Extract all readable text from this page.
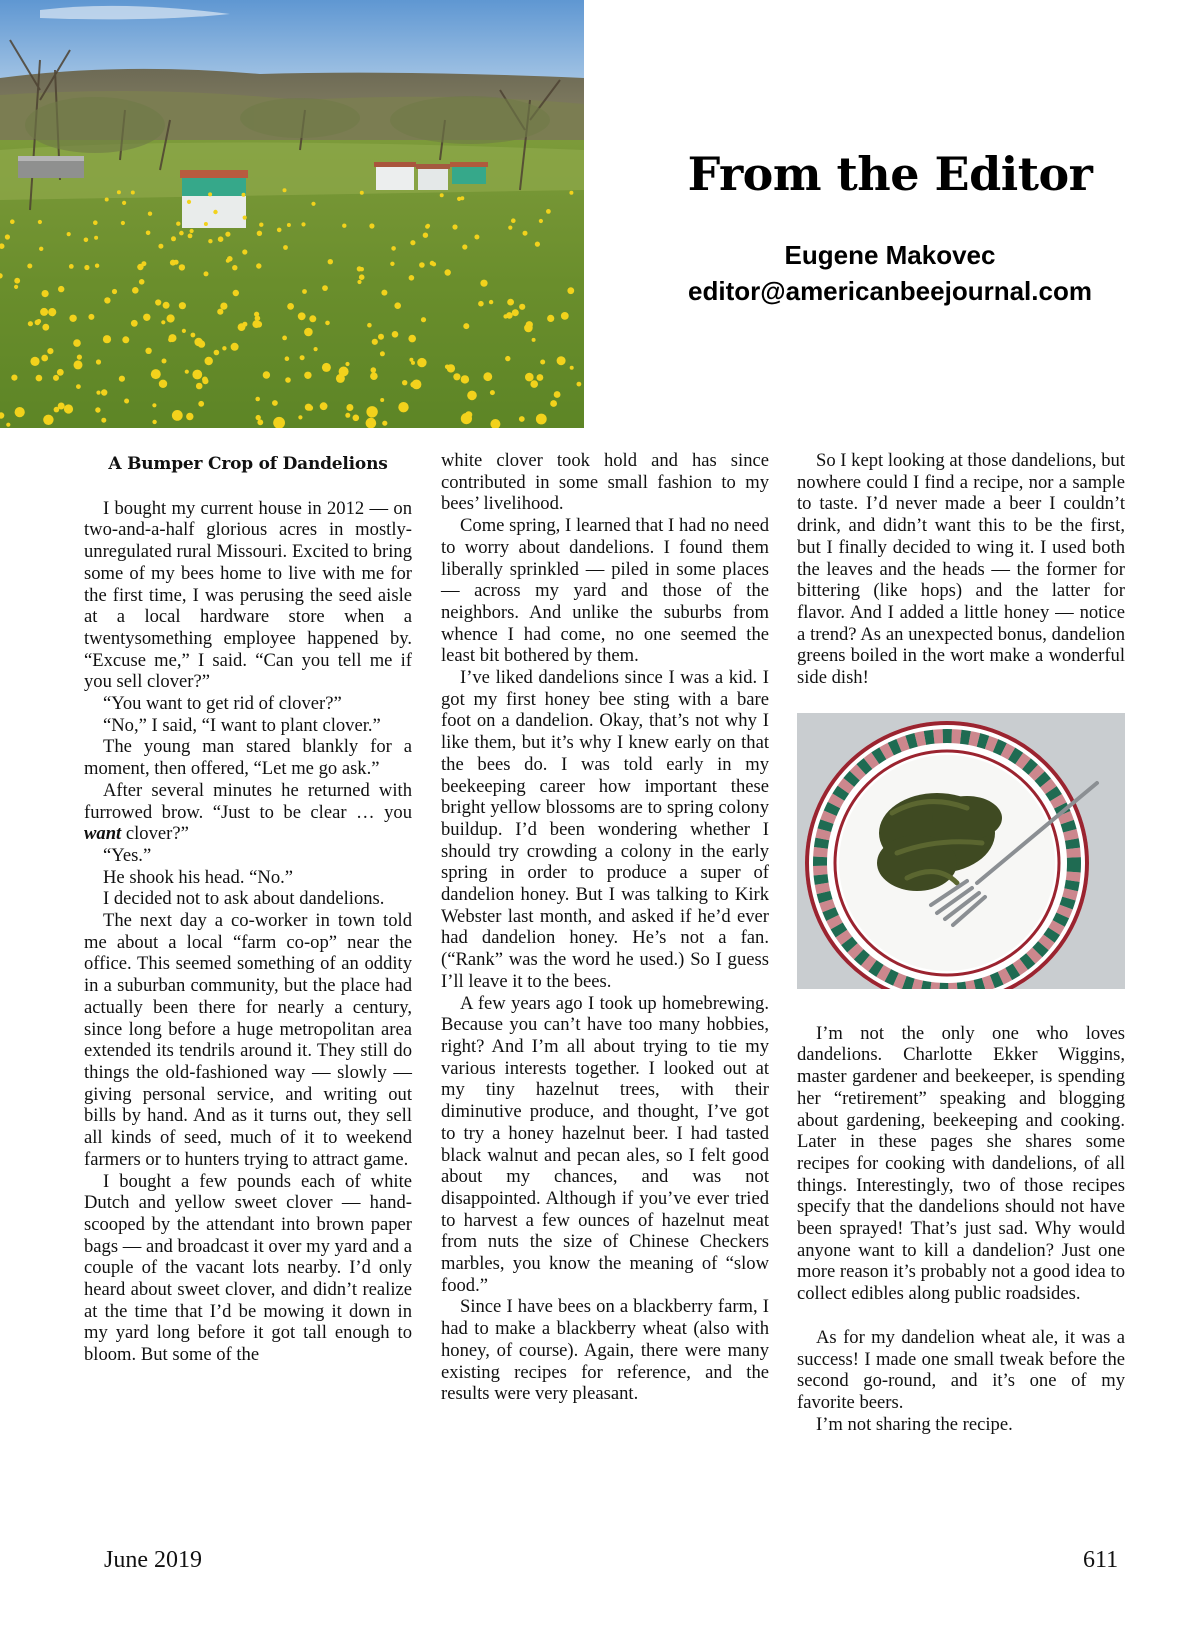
From the Editor
Eugene Makovec
editor@americanbeejournal.com

A Bumper Crop of Dandelions

I bought my current house in 2012 — on two-and-a-half glorious acres in mostly-unregulated rural Missouri. Excited to bring some of my bees home to live with me for the first time, I was perusing the seed aisle at a local hardware store when a twentysomething employee happened by. “Excuse me,” I said. “Can you tell me if you sell clover?”

“You want to get rid of clover?”

“No,” I said, “I want to plant clover.”

The young man stared blankly for a moment, then offered, “Let me go ask.”

After several minutes he returned with furrowed brow. “Just to be clear … you want clover?”

“Yes.”

He shook his head. “No.”

I decided not to ask about dandelions.

The next day a co-worker in town told me about a local “farm co-op” near the office. This seemed something of an oddity in a suburban community, but the place had actually been there for nearly a century, since long before a huge metropolitan area extended its tendrils around it. They still do things the old-fashioned way — slowly — giving personal service, and writing out bills by hand. And as it turns out, they sell all kinds of seed, much of it to weekend farmers or to hunters trying to attract game.

I bought a few pounds each of white Dutch and yellow sweet clover — hand-scooped by the attendant into brown paper bags — and broadcast it over my yard and a couple of the vacant lots nearby. I’d only heard about sweet clover, and didn’t realize at the time that I’d be mowing it down in my yard long before it got tall enough to bloom. But some of the

white clover took hold and has since contributed in some small fashion to my bees’ livelihood.

Come spring, I learned that I had no need to worry about dandelions. I found them liberally sprinkled — piled in some places — across my yard and those of the neighbors. And unlike the suburbs from whence I had come, no one seemed the least bit bothered by them.

I’ve liked dandelions since I was a kid. I got my first honey bee sting with a bare foot on a dandelion. Okay, that’s not why I like them, but it’s why I knew early on that the bees do. I was told early in my beekeeping career how important these bright yellow blossoms are to spring colony buildup. I’d been wondering whether I should try crowding a colony in the early spring in order to produce a super of dandelion honey. But I was talking to Kirk Webster last month, and asked if he’d ever had dandelion honey. He’s not a fan. (“Rank” was the word he used.) So I guess I’ll leave it to the bees.

A few years ago I took up homebrewing. Because you can’t have too many hobbies, right? And I’m all about trying to tie my various interests together. I looked out at my tiny hazelnut trees, with their diminutive produce, and thought, I’ve got to try a honey hazelnut beer. I had tasted black walnut and pecan ales, so I felt good about my chances, and was not disappointed. Although if you’ve ever tried to harvest a few ounces of hazelnut meat from nuts the size of Chinese Checkers marbles, you know the meaning of “slow food.”

Since I have bees on a blackberry farm, I had to make a blackberry wheat (also with honey, of course). Again, there were many existing recipes for reference, and the results were very pleasant.

So I kept looking at those dandelions, but nowhere could I find a recipe, nor a sample to taste. I’d never made a beer I couldn’t drink, and didn’t want this to be the first, but I finally decided to wing it. I used both the leaves and the heads — the former for bittering (like hops) and the latter for flavor. And I added a little honey — notice a trend? As an unexpected bonus, dandelion greens boiled in the wort make a wonderful side dish!

I’m not the only one who loves dandelions. Charlotte Ekker Wiggins, master gardener and beekeeper, is spending her “retirement” speaking and blogging about gardening, beekeeping and cooking. Later in these pages she shares some recipes for cooking with dandelions, of all things. Interestingly, two of those recipes specify that the dandelions should not have been sprayed! That’s just sad. Why would anyone want to kill a dandelion? Just one more reason it’s probably not a good idea to collect edibles along public roadsides.

As for my dandelion wheat ale, it was a success! I made one small tweak before the second go-round, and it’s one of my favorite beers.

I’m not sharing the recipe.

June 2019	611
